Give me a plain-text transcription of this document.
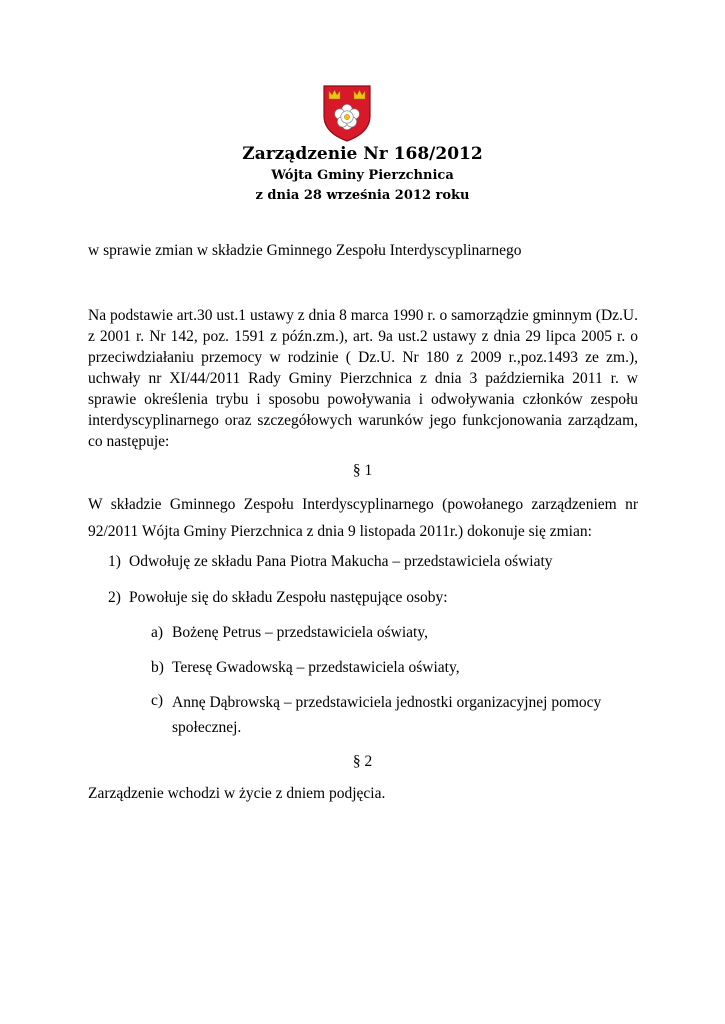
Zarządzenie Nr 168/2012
Wójta Gminy Pierzchnica
z dnia 28 września 2012 roku
w sprawie zmian w składzie Gminnego Zespołu Interdyscyplinarnego
Na podstawie art.30 ust.1 ustawy z dnia 8 marca 1990 r. o samorządzie gminnym (Dz.U. z 2001 r. Nr 142, poz. 1591 z późn.zm.), art. 9a ust.2 ustawy z dnia 29 lipca 2005 r. o przeciwdziałaniu przemocy w rodzinie ( Dz.U. Nr 180 z 2009 r.,poz.1493 ze zm.), uchwały nr XI/44/2011 Rady Gminy Pierzchnica z dnia 3 października 2011 r. w sprawie określenia trybu i sposobu powoływania i odwoływania członków zespołu interdyscyplinarnego oraz szczegółowych warunków jego funkcjonowania zarządzam, co następuje:
§ 1
W składzie Gminnego Zespołu Interdyscyplinarnego (powołanego zarządzeniem nr 92/2011 Wójta Gminy Pierzchnica z dnia 9 listopada 2011r.) dokonuje się zmian:
1) Odwołuję ze składu Pana Piotra Makucha – przedstawiciela oświaty
2) Powołuje się do składu Zespołu następujące osoby:
a) Bożenę Petrus – przedstawiciela oświaty,
b) Teresę Gwadowską – przedstawiciela oświaty,
c) Annę Dąbrowską – przedstawiciela jednostki organizacyjnej pomocy
społecznej.
§ 2
Zarządzenie wchodzi w życie z dniem podjęcia.
